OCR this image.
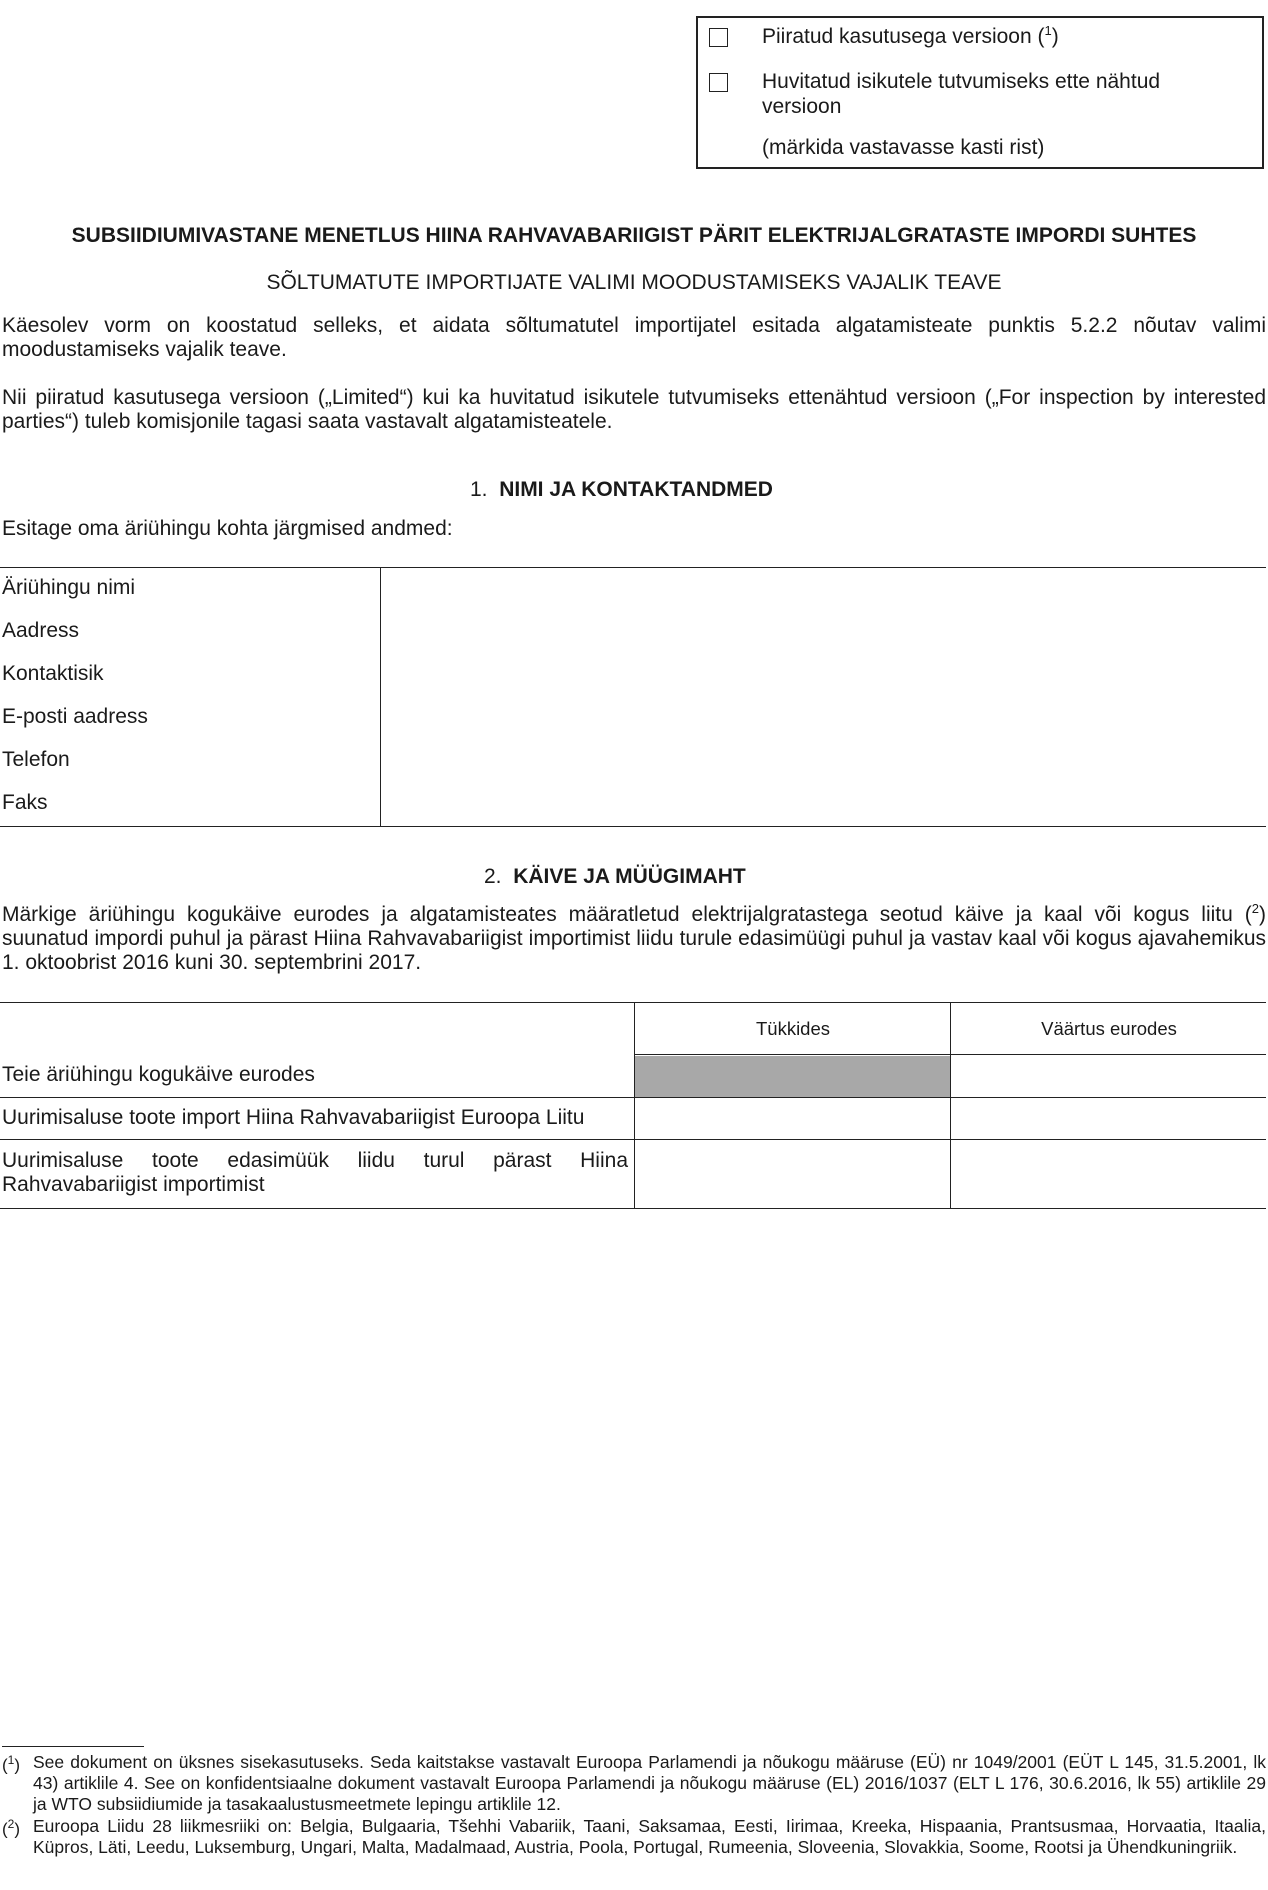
Piiratud kasutusega versioon ($^1$)
Huvitatud isikutele tutvumiseks ette nähtud versioon
(märkida vastavasse kasti rist)
SUBSIIDIUMIVASTANE MENETLUS HIINA RAHVAVABARIIGIST PÄRIT ELEKTRIJALGRATASTE IMPORDI SUHTES
SÕLTUMATUTE IMPORTIJATE VALIMI MOODUSTAMISEKS VAJALIK TEAVE
Käesolev vorm on koostatud selleks, et aidata sõltumatutel importijatel esitada algatamisteate punktis 5.2.2 nõutav valimi moodustamiseks vajalik teave.
Nii piiratud kasutusega versioon („Limited“) kui ka huvitatud isikutele tutvumiseks ettenähtud versioon („For inspection by interested parties“) tuleb komisjonile tagasi saata vastavalt algatamisteatele.
1. NIMI JA KONTAKTANDMED
Esitage oma äriühingu kohta järgmised andmed:
Äriühingu nimi
Aadress
Kontaktisik
E-posti aadress
Telefon
Faks
2. KÄIVE JA MÜÜGIMAHT
Märkige äriühingu kogukäive eurodes ja algatamisteates määratletud elektrijalgratastega seotud käive ja kaal või kogus liitu ($^2$) suunatud impordi puhul ja pärast Hiina Rahvavabariigist importimist liidu turule edasimüügi puhul ja vastav kaal või kogus ajavahemikus 1. oktoobrist 2016 kuni 30. septembrini 2017.
Tükkides	Väärtus eurodes
Teie äriühingu kogukäive eurodes
Uurimisaluse toote import Hiina Rahvavabariigist Euroopa Liitu
Uurimisaluse toote edasimüük liidu turul pärast Hiina Rahvavabariigist importimist
($^1$) See dokument on üksnes sisekasutuseks. Seda kaitstakse vastavalt Euroopa Parlamendi ja nõukogu määruse (EÜ) nr 1049/2001 (EÜT L 145, 31.5.2001, lk 43) artiklile 4. See on konfidentsiaalne dokument vastavalt Euroopa Parlamendi ja nõukogu määruse (EL) 2016/1037 (ELT L 176, 30.6.2016, lk 55) artiklile 29 ja WTO subsiidiumide ja tasakaalustusmeetmete lepingu artiklile 12.
($^2$) Euroopa Liidu 28 liikmesriiki on: Belgia, Bulgaaria, Tšehhi Vabariik, Taani, Saksamaa, Eesti, Iirimaa, Kreeka, Hispaania, Prantsusmaa, Horvaatia, Itaalia, Küpros, Läti, Leedu, Luksemburg, Ungari, Malta, Madalmaad, Austria, Poola, Portugal, Rumeenia, Sloveenia, Slovakkia, Soome, Rootsi ja Ühendkuningriik.
